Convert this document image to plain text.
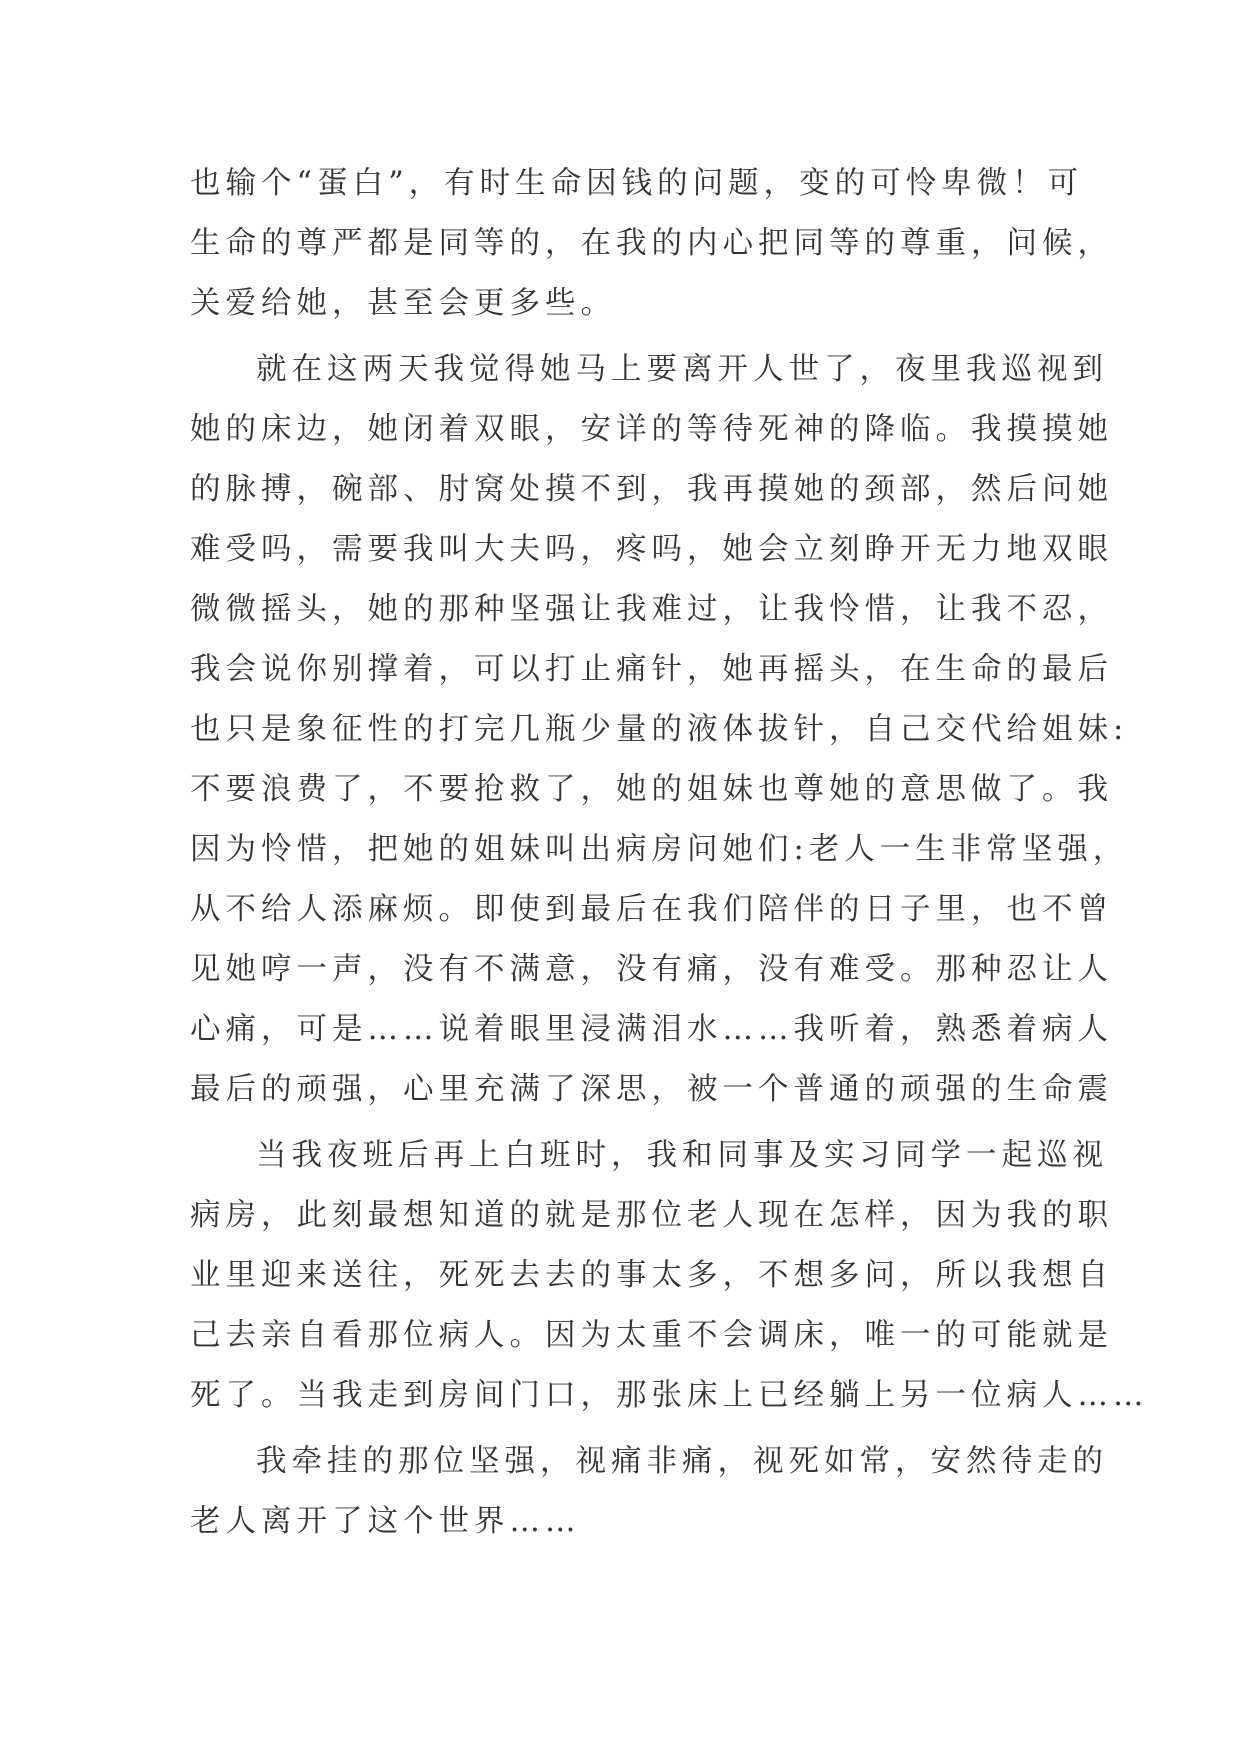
也输个“蛋白”，有时生命因钱的问题，变的可怜卑微！可
生命的尊严都是同等的，在我的内心把同等的尊重，问候，
关爱给她，甚至会更多些。
就在这两天我觉得她马上要离开人世了，夜里我巡视到
她的床边，她闭着双眼，安详的等待死神的降临。我摸摸她
的脉搏，碗部、肘窝处摸不到，我再摸她的颈部，然后问她
难受吗，需要我叫大夫吗，疼吗，她会立刻睁开无力地双眼
微微摇头，她的那种坚强让我难过，让我怜惜，让我不忍，
我会说你别撑着，可以打止痛针，她再摇头，在生命的最后
也只是象征性的打完几瓶少量的液体拔针，自己交代给姐妹:
不要浪费了，不要抢救了，她的姐妹也尊她的意思做了。我
因为怜惜，把她的姐妹叫出病房问她们:老人一生非常坚强，
从不给人添麻烦。即使到最后在我们陪伴的日子里，也不曾
见她哼一声，没有不满意，没有痛，没有难受。那种忍让人
心痛，可是……说着眼里浸满泪水……我听着，熟悉着病人
最后的顽强，心里充满了深思，被一个普通的顽强的生命震
当我夜班后再上白班时，我和同事及实习同学一起巡视
病房，此刻最想知道的就是那位老人现在怎样，因为我的职
业里迎来送往，死死去去的事太多，不想多问，所以我想自
己去亲自看那位病人。因为太重不会调床，唯一的可能就是
死了。当我走到房间门口，那张床上已经躺上另一位病人……
我牵挂的那位坚强，视痛非痛，视死如常，安然待走的
老人离开了这个世界……
